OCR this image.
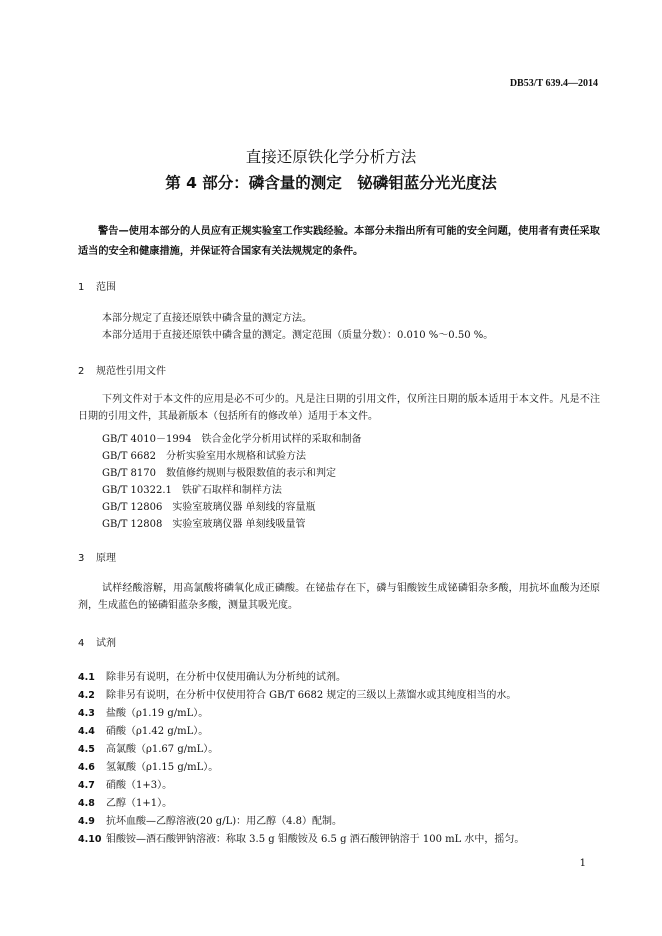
DB53/T 639.4—2014
直接还原铁化学分析方法
第 4 部分：磷含量的测定　铋磷钼蓝分光光度法
警告—使用本部分的人员应有正规实验室工作实践经验。本部分未指出所有可能的安全问题，使用者有责任采取适当的安全和健康措施，并保证符合国家有关法规规定的条件。
1 范围
本部分规定了直接还原铁中磷含量的测定方法。
本部分适用于直接还原铁中磷含量的测定。测定范围（质量分数）：0.010 %～0.50 %。
2 规范性引用文件
下列文件对于本文件的应用是必不可少的。凡是注日期的引用文件，仅所注日期的版本适用于本文件。凡是不注日期的引用文件，其最新版本（包括所有的修改单）适用于本文件。
GB/T 4010－1994　铁合金化学分析用试样的采取和制备
GB/T 6682　分析实验室用水规格和试验方法
GB/T 8170　数值修约规则与极限数值的表示和判定
GB/T 10322.1　铁矿石取样和制样方法
GB/T 12806　实验室玻璃仪器 单刻线的容量瓶
GB/T 12808　实验室玻璃仪器 单刻线吸量管
3 原理
试样经酸溶解，用高氯酸将磷氧化成正磷酸。在铋盐存在下，磷与钼酸铵生成铋磷钼杂多酸，用抗坏血酸为还原剂，生成蓝色的铋磷钼蓝杂多酸，测量其吸光度。
4 试剂
4.1 除非另有说明，在分析中仅使用确认为分析纯的试剂。
4.2 除非另有说明，在分析中仅使用符合 GB/T 6682 规定的三级以上蒸馏水或其纯度相当的水。
4.3 盐酸（ρ1.19 g/mL）。
4.4 硝酸（ρ1.42 g/mL）。
4.5 高氯酸（ρ1.67 g/mL）。
4.6 氢氟酸（ρ1.15 g/mL）。
4.7 硝酸（1+3）。
4.8 乙醇（1+1）。
4.9 抗坏血酸—乙醇溶液(20 g/L)：用乙醇（4.8）配制。
4.10 钼酸铵—酒石酸钾钠溶液：称取 3.5 g 钼酸铵及 6.5 g 酒石酸钾钠溶于 100 mL 水中，摇匀。
1
